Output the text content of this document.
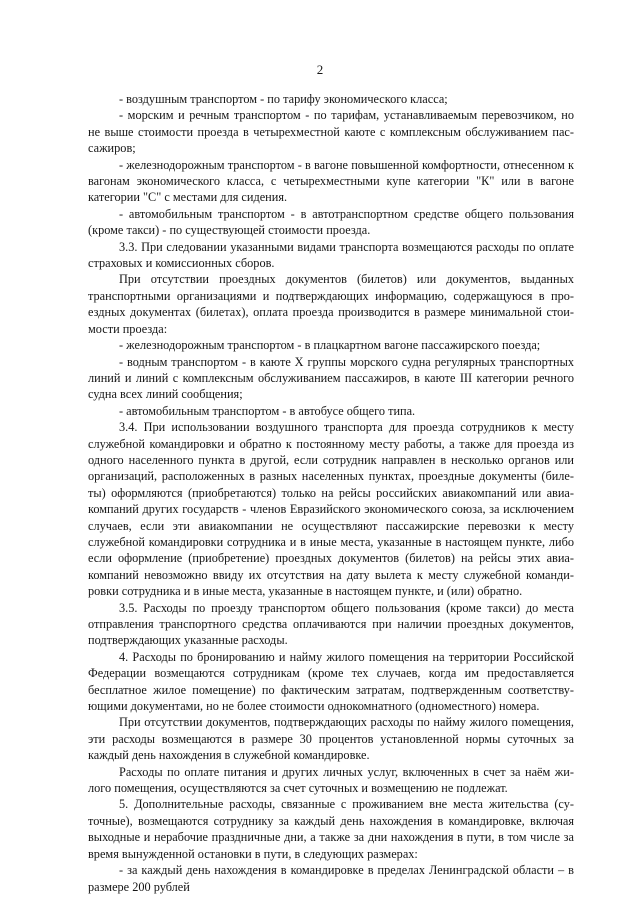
2

- воздушным транспортом - по тарифу экономического класса;

- морским и речным транспортом - по тарифам, устанавливаемым перевозчиком, но не выше стоимости проезда в четырехместной каюте с комплексным обслуживанием пассажиров;

- железнодорожным транспортом - в вагоне повышенной комфортности, отнесенном к вагонам экономического класса, с четырехместными купе категории "К" или в вагоне категории "С" с местами для сидения.

- автомобильным транспортом - в автотранспортном средстве общего пользования (кроме такси) - по существующей стоимости проезда.

3.3. При следовании указанными видами транспорта возмещаются расходы по оплате страховых и комиссионных сборов.

При отсутствии проездных документов (билетов) или документов, выданных транспортными организациями и подтверждающих информацию, содержащуюся в проездных документах (билетах), оплата проезда производится в размере минимальной стоимости проезда:

- железнодорожным транспортом - в плацкартном вагоне пассажирского поезда;

- водным транспортом - в каюте X группы морского судна регулярных транспортных линий и линий с комплексным обслуживанием пассажиров, в каюте III категории речного судна всех линий сообщения;

- автомобильным транспортом - в автобусе общего типа.

3.4. При использовании воздушного транспорта для проезда сотрудников к месту служебной командировки и обратно к постоянному месту работы, а также для проезда из одного населенного пункта в другой, если сотрудник направлен в несколько органов или организаций, расположенных в разных населенных пунктах, проездные документы (билеты) оформляются (приобретаются) только на рейсы российских авиакомпаний или авиакомпаний других государств - членов Евразийского экономического союза, за исключением случаев, если эти авиакомпании не осуществляют пассажирские перевозки к месту служебной командировки сотрудника и в иные места, указанные в настоящем пункте, либо если оформление (приобретение) проездных документов (билетов) на рейсы этих авиакомпаний невозможно ввиду их отсутствия на дату вылета к месту служебной командировки сотрудника и в иные места, указанные в настоящем пункте, и (или) обратно.

3.5. Расходы по проезду транспортом общего пользования (кроме такси) до места отправления транспортного средства оплачиваются при наличии проездных документов, подтверждающих указанные расходы.

4. Расходы по бронированию и найму жилого помещения на территории Российской Федерации возмещаются сотрудникам (кроме тех случаев, когда им предоставляется бесплатное жилое помещение) по фактическим затратам, подтвержденным соответствующими документами, но не более стоимости однокомнатного (одноместного) номера.

При отсутствии документов, подтверждающих расходы по найму жилого помещения, эти расходы возмещаются в размере 30 процентов установленной нормы суточных за каждый день нахождения в служебной командировке.

Расходы по оплате питания и других личных услуг, включенных в счет за наём жилого помещения, осуществляются за счет суточных и возмещению не подлежат.

5. Дополнительные расходы, связанные с проживанием вне места жительства (суточные), возмещаются сотруднику за каждый день нахождения в командировке, включая выходные и нерабочие праздничные дни, а также за дни нахождения в пути, в том числе за время вынужденной остановки в пути, в следующих размерах:

- за каждый день нахождения в командировке в пределах Ленинградской области – в размере 200 рублей
